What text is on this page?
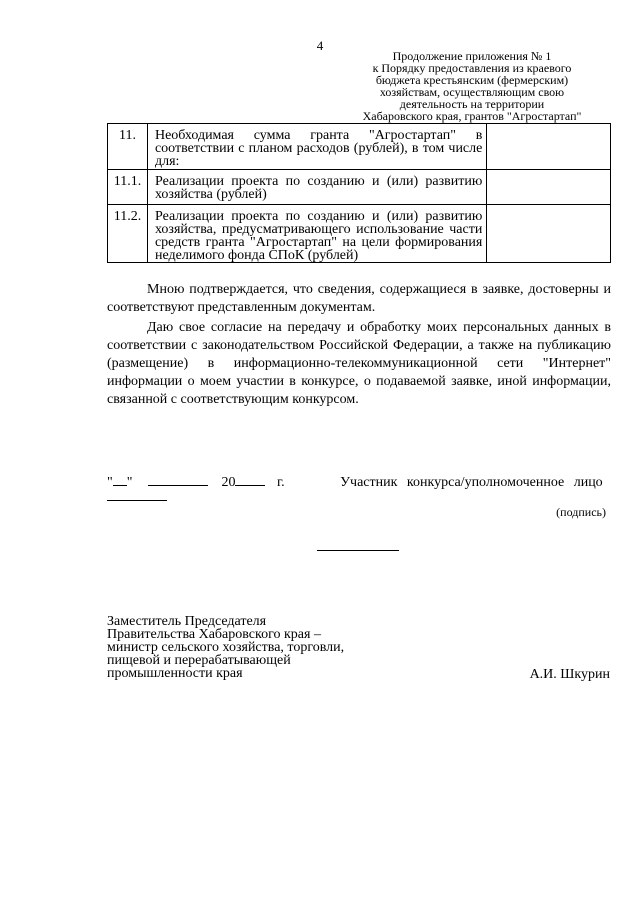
4
Продолжение приложения № 1
к Порядку предоставления из краевого
бюджета крестьянским (фермерским)
хозяйствам, осуществляющим свою
деятельность на территории
Хабаровского края, грантов "Агростартап"
11.	Необходимая сумма гранта "Агростартап" в соответствии с планом расходов (рублей), в том числе для:	
11.1.	Реализации проекта по созданию и (или) развитию хозяйства (рублей)	
11.2.	Реализации проекта по созданию и (или) развитию хозяйства, предусматривающего использование части средств гранта "Агростартап" на цели формирования неделимого фонда СПоК (рублей)	
Мною подтверждается, что сведения, содержащиеся в заявке, достоверны и соответствуют представленным документам.
Даю свое согласие на передачу и обработку моих персональных данных в соответствии с законодательством Российской Федерации, а также на публикацию (размещение) в информационно-телекоммуникационной сети "Интернет" информации о моем участии в конкурсе, о подаваемой заявке, иной информации, связанной с соответствующим конкурсом.
" "	20	г.	Участник конкурса/уполномоченное лицо
(подпись)
Заместитель Председателя
Правительства Хабаровского края –
министр сельского хозяйства, торговли,
пищевой и перерабатывающей
промышленности края	А.И. Шкурин
